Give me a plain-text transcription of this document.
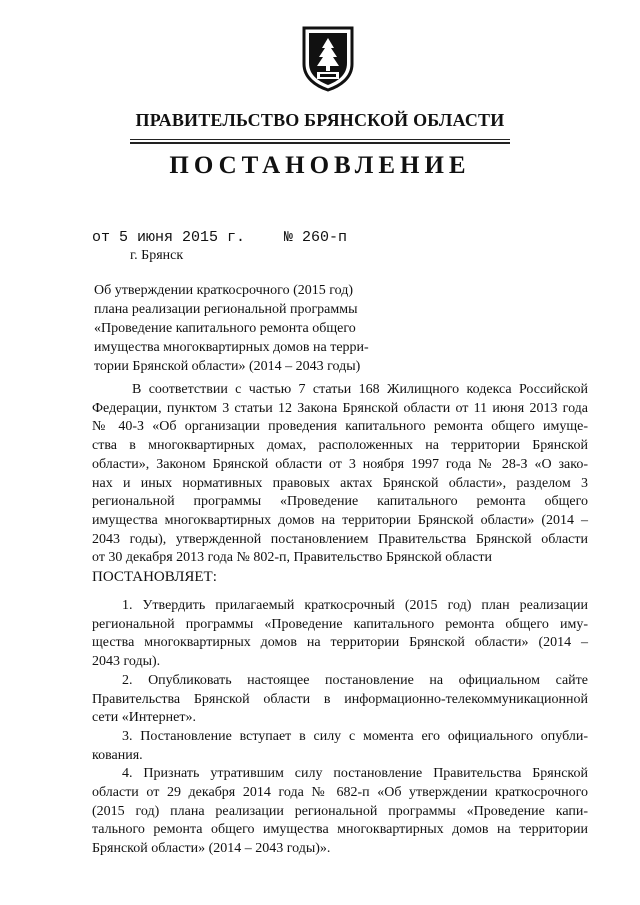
ПРАВИТЕЛЬСТВО БРЯНСКОЙ ОБЛАСТИ
ПОСТАНОВЛЕНИЕ
от 5 июня 2015 г.	№ 260-п
г. Брянск
Об утверждении краткосрочного (2015 год)
плана реализации региональной программы
«Проведение капитального ремонта общего
имущества многоквартирных домов на терри-
тории Брянской области» (2014 – 2043 годы)
В соответствии с частью 7 статьи 168 Жилищного кодекса Российской
Федерации, пунктом 3 статьи 12 Закона Брянской области от 11 июня 2013 года
№ 40-З «Об организации проведения капитального ремонта общего имуще-
ства в многоквартирных домах, расположенных на территории Брянской
области», Законом Брянской области от 3 ноября 1997 года № 28-З «О зако-
нах и иных нормативных правовых актах Брянской области», разделом 3
региональной программы «Проведение капитального ремонта общего
имущества многоквартирных домов на территории Брянской области» (2014 –
2043 годы), утвержденной постановлением Правительства Брянской области
от 30 декабря 2013 года № 802-п, Правительство Брянской области
ПОСТАНОВЛЯЕТ:
1. Утвердить прилагаемый краткосрочный (2015 год) план реализации
региональной программы «Проведение капитального ремонта общего иму-
щества многоквартирных домов на территории Брянской области» (2014 –
2043 годы).
2. Опубликовать настоящее постановление на официальном сайте
Правительства Брянской области в информационно-телекоммуникационной
сети «Интернет».
3. Постановление вступает в силу с момента его официального опубли-
кования.
4. Признать утратившим силу постановление Правительства Брянской
области от 29 декабря 2014 года № 682-п «Об утверждении краткосрочного
(2015 год) плана реализации региональной программы «Проведение капи-
тального ремонта общего имущества многоквартирных домов на территории
Брянской области» (2014 – 2043 годы)».
